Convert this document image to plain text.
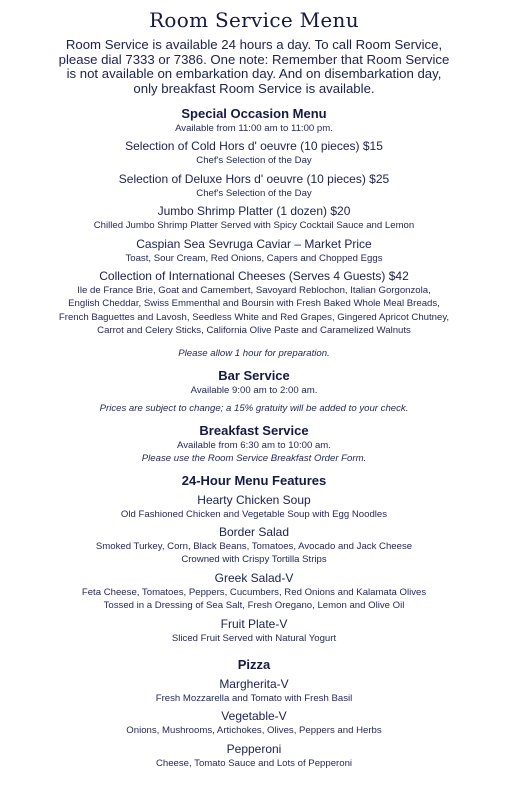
Room Service Menu
Room Service is available 24 hours a day. To call Room Service,
please dial 7333 or 7386. One note: Remember that Room Service
is not available on embarkation day. And on disembarkation day,
only breakfast Room Service is available.
Special Occasion Menu
Available from 11:00 am to 11:00 pm.
Selection of Cold Hors d' oeuvre (10 pieces) $15
Chef's Selection of the Day
Selection of Deluxe Hors d' oeuvre (10 pieces) $25
Chef's Selection of the Day
Jumbo Shrimp Platter (1 dozen) $20
Chilled Jumbo Shrimp Platter Served with Spicy Cocktail Sauce and Lemon
Caspian Sea Sevruga Caviar – Market Price
Toast, Sour Cream, Red Onions, Capers and Chopped Eggs
Collection of International Cheeses (Serves 4 Guests) $42
Ile de France Brie, Goat and Camembert, Savoyard Reblochon, Italian Gorgonzola,
English Cheddar, Swiss Emmenthal and Boursin with Fresh Baked Whole Meal Breads,
French Baguettes and Lavosh, Seedless White and Red Grapes, Gingered Apricot Chutney,
Carrot and Celery Sticks, California Olive Paste and Caramelized Walnuts
Please allow 1 hour for preparation.
Bar Service
Available 9:00 am to 2:00 am.
Prices are subject to change; a 15% gratuity will be added to your check.
Breakfast Service
Available from 6:30 am to 10:00 am.
Please use the Room Service Breakfast Order Form.
24-Hour Menu Features
Hearty Chicken Soup
Old Fashioned Chicken and Vegetable Soup with Egg Noodles
Border Salad
Smoked Turkey, Corn, Black Beans, Tomatoes, Avocado and Jack Cheese
Crowned with Crispy Tortilla Strips
Greek Salad-V
Feta Cheese, Tomatoes, Peppers, Cucumbers, Red Onions and Kalamata Olives
Tossed in a Dressing of Sea Salt, Fresh Oregano, Lemon and Olive Oil
Fruit Plate-V
Sliced Fruit Served with Natural Yogurt
Pizza
Margherita-V
Fresh Mozzarella and Tomato with Fresh Basil
Vegetable-V
Onions, Mushrooms, Artichokes, Olives, Peppers and Herbs
Pepperoni
Cheese, Tomato Sauce and Lots of Pepperoni
